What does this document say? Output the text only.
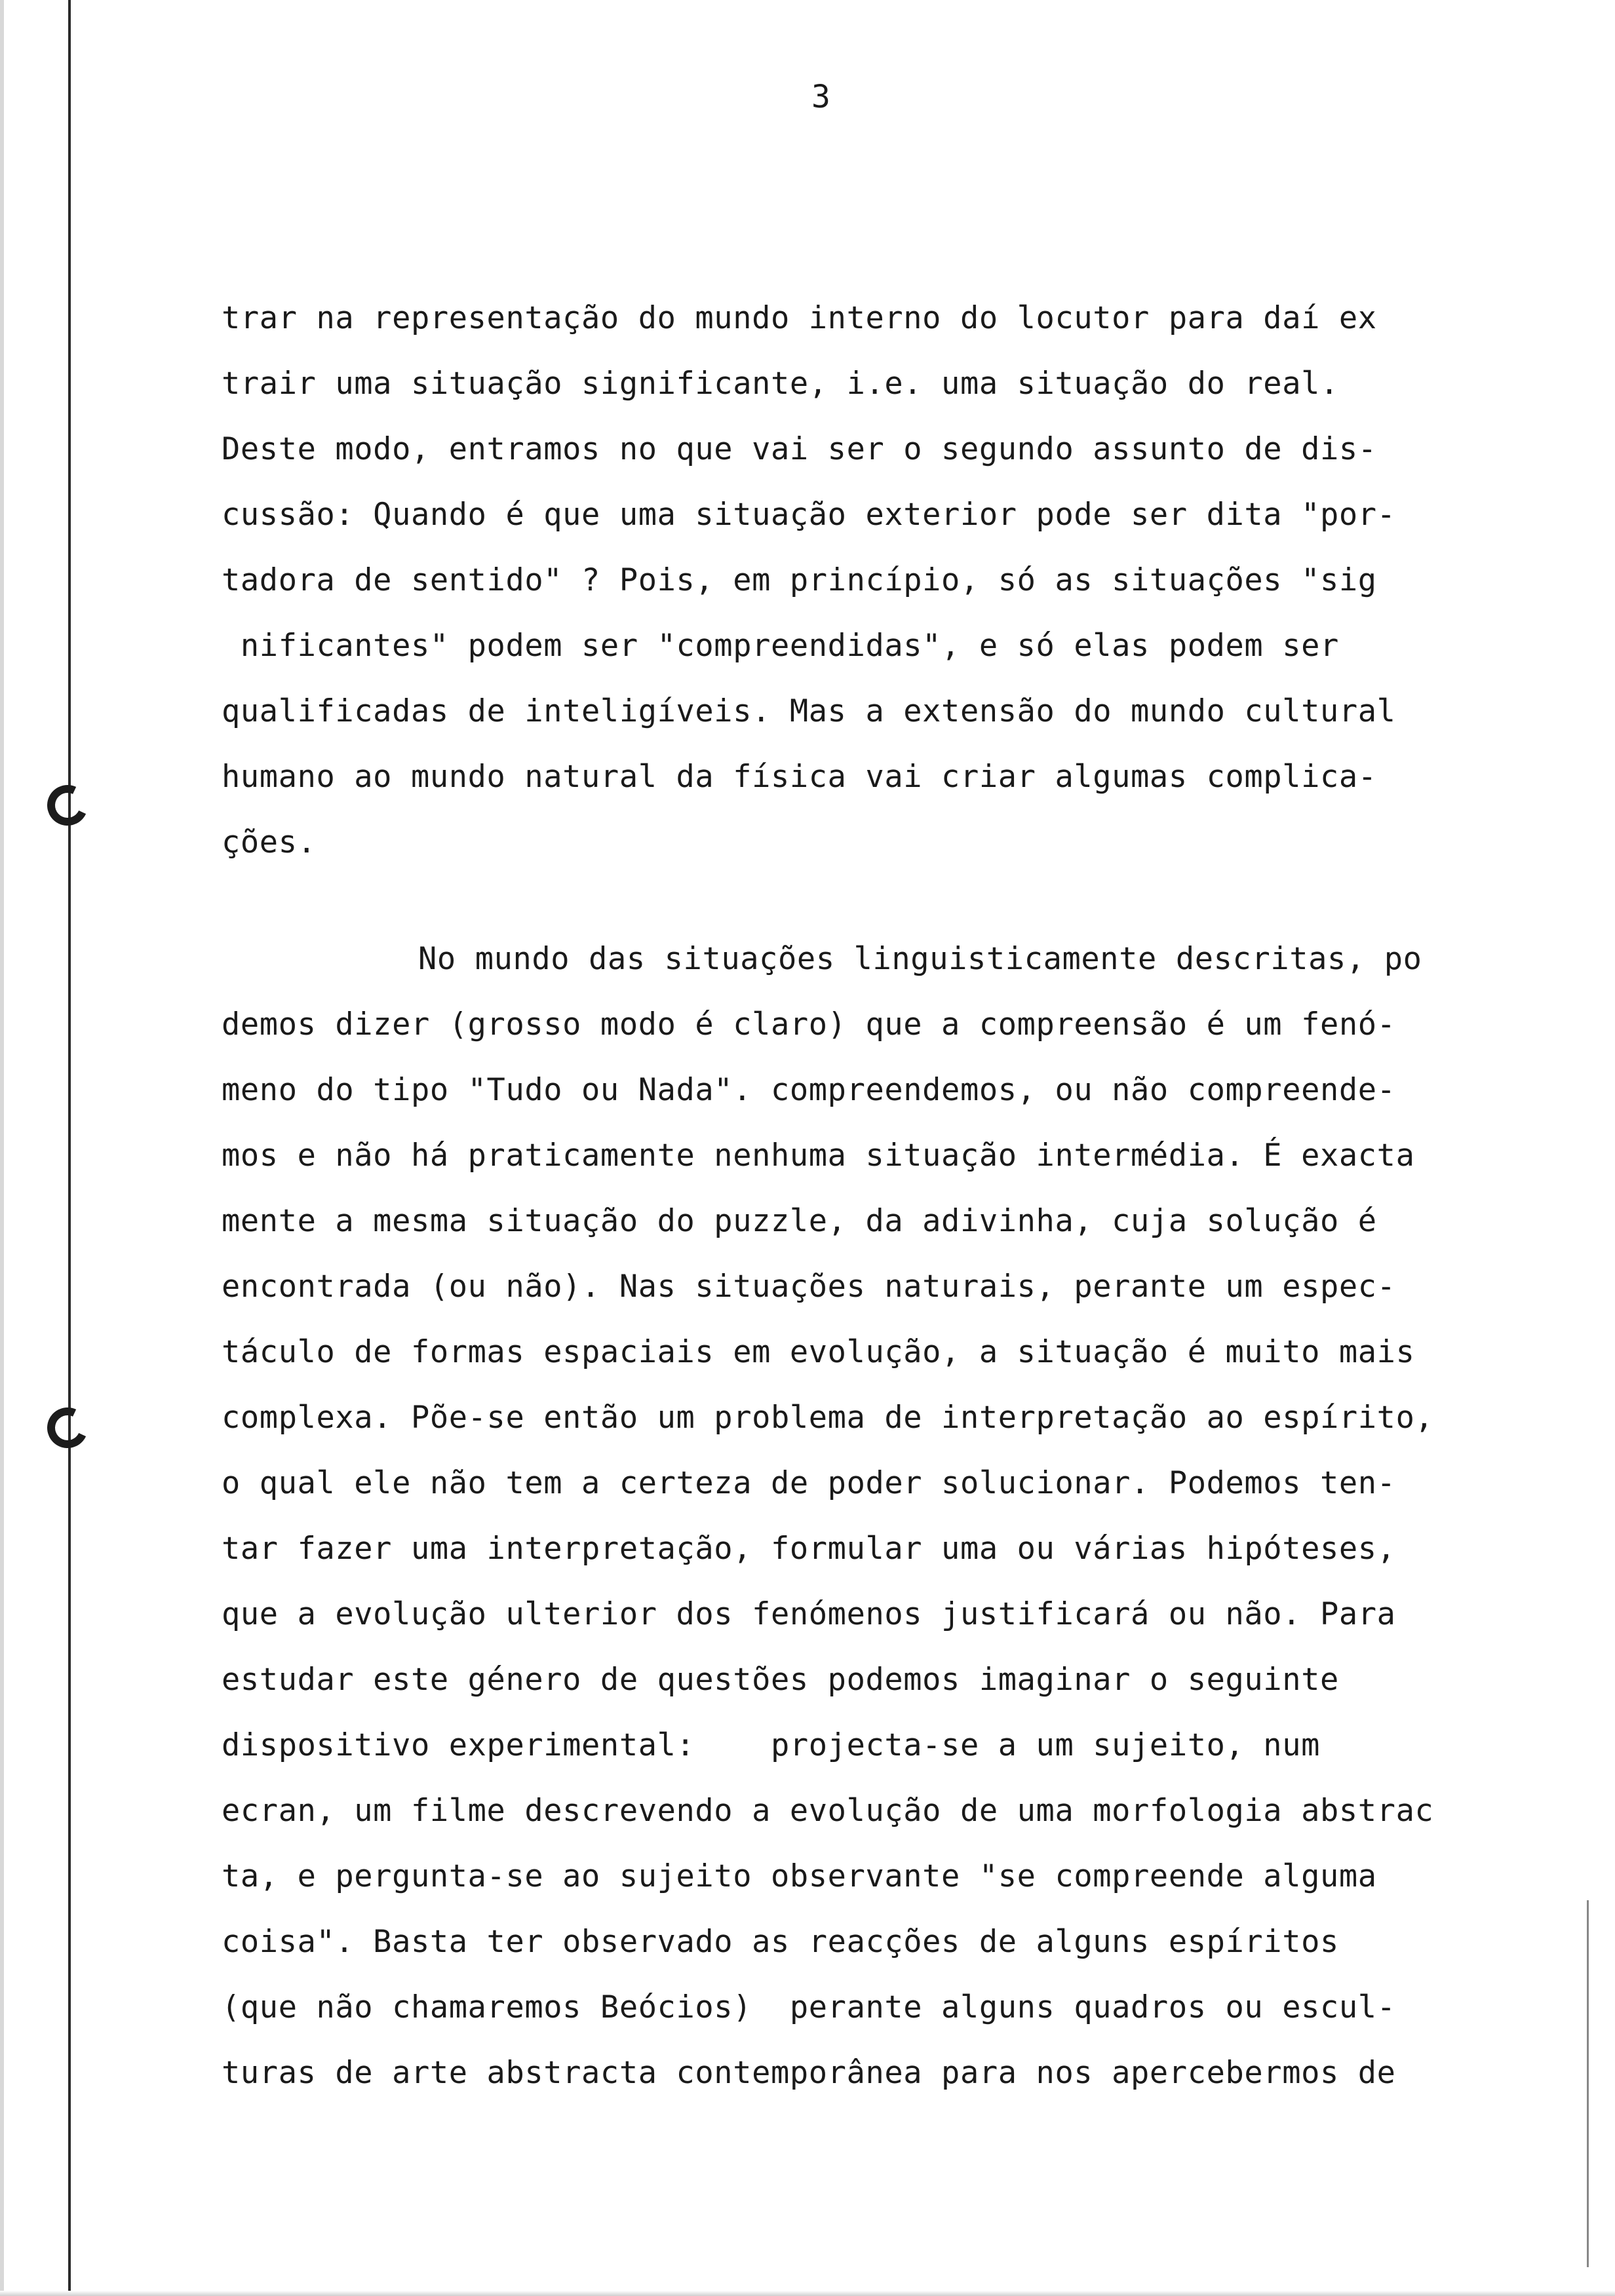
3
trar na representação do mundo interno do locutor para daí ex
trair uma situação significante, i.e. uma situação do real.
Deste modo, entramos no que vai ser o segundo assunto de dis-
cussão: Quando é que uma situação exterior pode ser dita "por-
tadora de sentido" ? Pois, em princípio, só as situações "sig
nificantes" podem ser "compreendidas", e só elas podem ser
qualificadas de inteligíveis. Mas a extensão do mundo cultural
humano ao mundo natural da física vai criar algumas complica-
ções.
No mundo das situações linguisticamente descritas, po
demos dizer (grosso modo é claro) que a compreensão é um fenó-
meno do tipo "Tudo ou Nada". compreendemos, ou não compreende-
mos e não há praticamente nenhuma situação intermédia. É exacta
mente a mesma situação do puzzle, da adivinha, cuja solução é
encontrada (ou não). Nas situações naturais, perante um espec-
táculo de formas espaciais em evolução, a situação é muito mais
complexa. Põe-se então um problema de interpretação ao espírito,
o qual ele não tem a certeza de poder solucionar. Podemos ten-
tar fazer uma interpretação, formular uma ou várias hipóteses,
que a evolução ulterior dos fenómenos justificará ou não. Para
estudar este género de questões podemos imaginar o seguinte
dispositivo experimental:    projecta-se a um sujeito, num
ecran, um filme descrevendo a evolução de uma morfologia abstrac
ta, e pergunta-se ao sujeito observante "se compreende alguma
coisa". Basta ter observado as reacções de alguns espíritos
(que não chamaremos Beócios)  perante alguns quadros ou escul-
turas de arte abstracta contemporânea para nos apercebermos de
